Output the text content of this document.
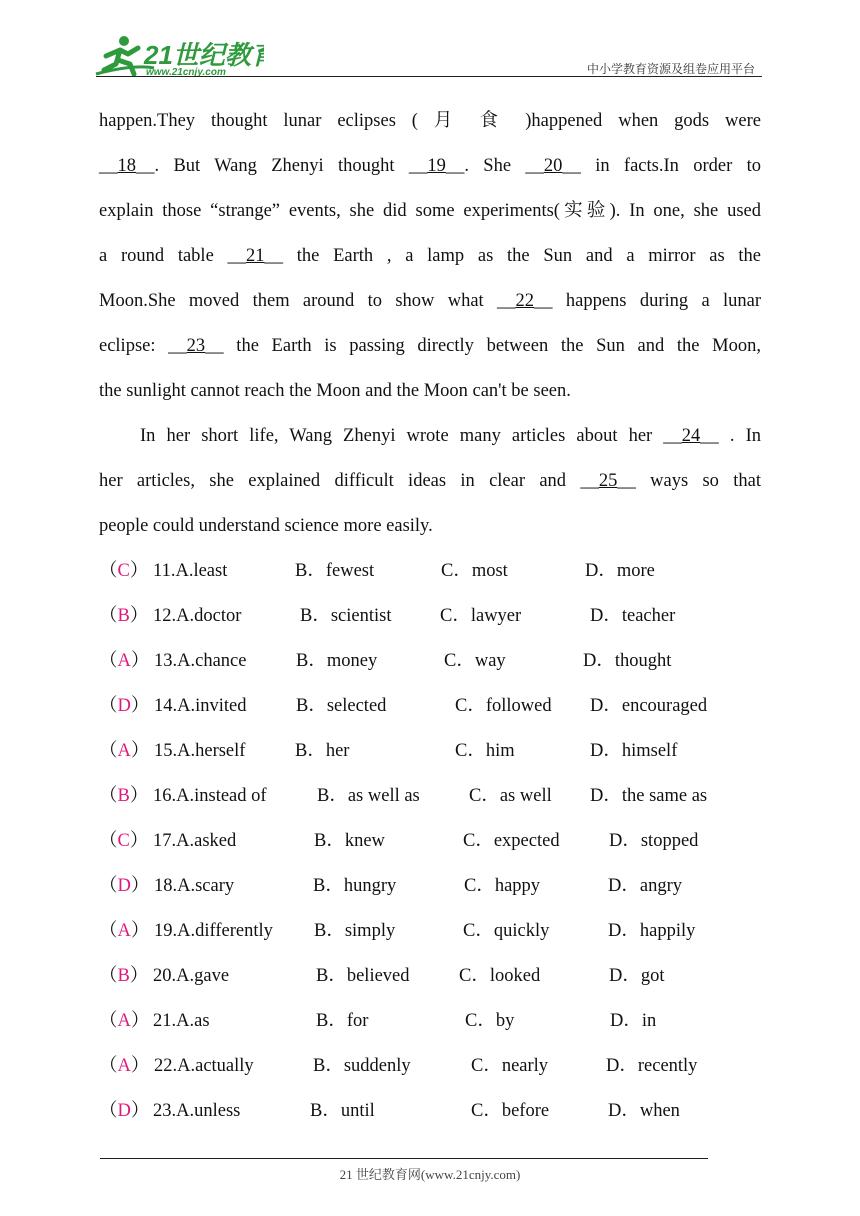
21世纪教育
www.21cnjy.com	中小学教育资源及组卷应用平台
happen.They thought lunar eclipses ( 月 食 )happened when gods were
__18__. But Wang Zhenyi thought __19__. She __20__ in facts.In order to
explain those “strange” events, she did some experiments(实验). In one, she used
a round table __21__ the Earth , a lamp as the Sun and a mirror as the
Moon.She moved them around to show what __22__ happens during a lunar
eclipse: __23__ the Earth is passing directly between the Sun and the Moon,
the sunlight cannot reach the Moon and the Moon can't be seen.
In her short life, Wang Zhenyi wrote many articles about her __24__ . In
her articles, she explained difficult ideas in clear and __25__ ways so that
people could understand science more easily.
（C） 11.A.least	B．fewest	C．most	D．more
（B） 12.A.doctor	B．scientist	C．lawyer	D．teacher
（A） 13.A.chance	B．money	C．way	D．thought
（D） 14.A.invited	B．selected	C．followed D．encouraged
（A） 15.A.herself	B．her	C．him	D．himself
（B） 16.A.instead of	B．as well as	C．as well D．the same as
（C） 17.A.asked	B．knew	C．expected	D．stopped
（D） 18.A.scary	B．hungry	C．happy	D．angry
（A） 19.A.differently B．simply	C．quickly	D．happily
（B） 20.A.gave	B．believed	C．looked	D．got
（A） 21.A.as	B．for	C．by	D．in
（A） 22.A.actually	B．suddenly	C．nearly	D．recently
（D） 23.A.unless	B．until	C．before	D．when
21 世纪教育网(www.21cnjy.com)
